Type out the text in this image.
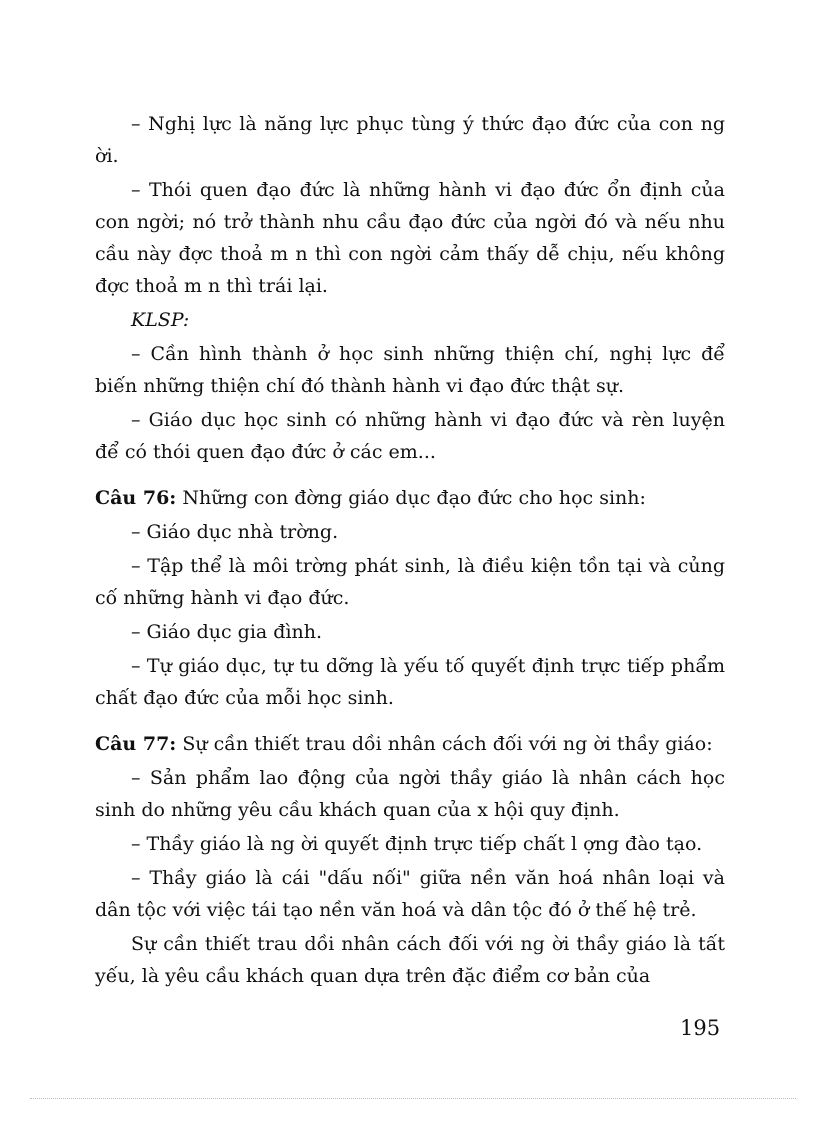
– Nghị lực là năng lực phục tùng ý thức đạo đức của con ng ời.

– Thói quen đạo đức là những hành vi đạo đức ổn định của con ngời; nó trở thành nhu cầu đạo đức của ngời đó và nếu nhu cầu này đợc thoả m n thì con ngời cảm thấy dễ chịu, nếu không đợc thoả m n thì trái lại.

KLSP:

– Cần hình thành ở học sinh những thiện chí, nghị lực để biến những thiện chí đó thành hành vi đạo đức thật sự.

– Giáo dục học sinh có những hành vi đạo đức và rèn luyện để có thói quen đạo đức ở các em...

Câu 76: Những con đờng giáo dục đạo đức cho học sinh:

– Giáo dục nhà trờng.

– Tập thể là môi trờng phát sinh, là điều kiện tồn tại và củng cố những hành vi đạo đức.

– Giáo dục gia đình.

– Tự giáo dục, tự tu dỡng là yếu tố quyết định trực tiếp phẩm chất đạo đức của mỗi học sinh.

Câu 77: Sự cần thiết trau dồi nhân cách đối với ng ời thầy giáo:

– Sản phẩm lao động của ngời thầy giáo là nhân cách học sinh do những yêu cầu khách quan của x hội quy định.

– Thầy giáo là ng ời quyết định trực tiếp chất l ợng đào tạo.

– Thầy giáo là cái "dấu nối" giữa nền văn hoá nhân loại và dân tộc với việc tái tạo nền văn hoá và dân tộc đó ở thế hệ trẻ.

Sự cần thiết trau dồi nhân cách đối với ng ời thầy giáo là tất yếu, là yêu cầu khách quan dựa trên đặc điểm cơ bản của

195
